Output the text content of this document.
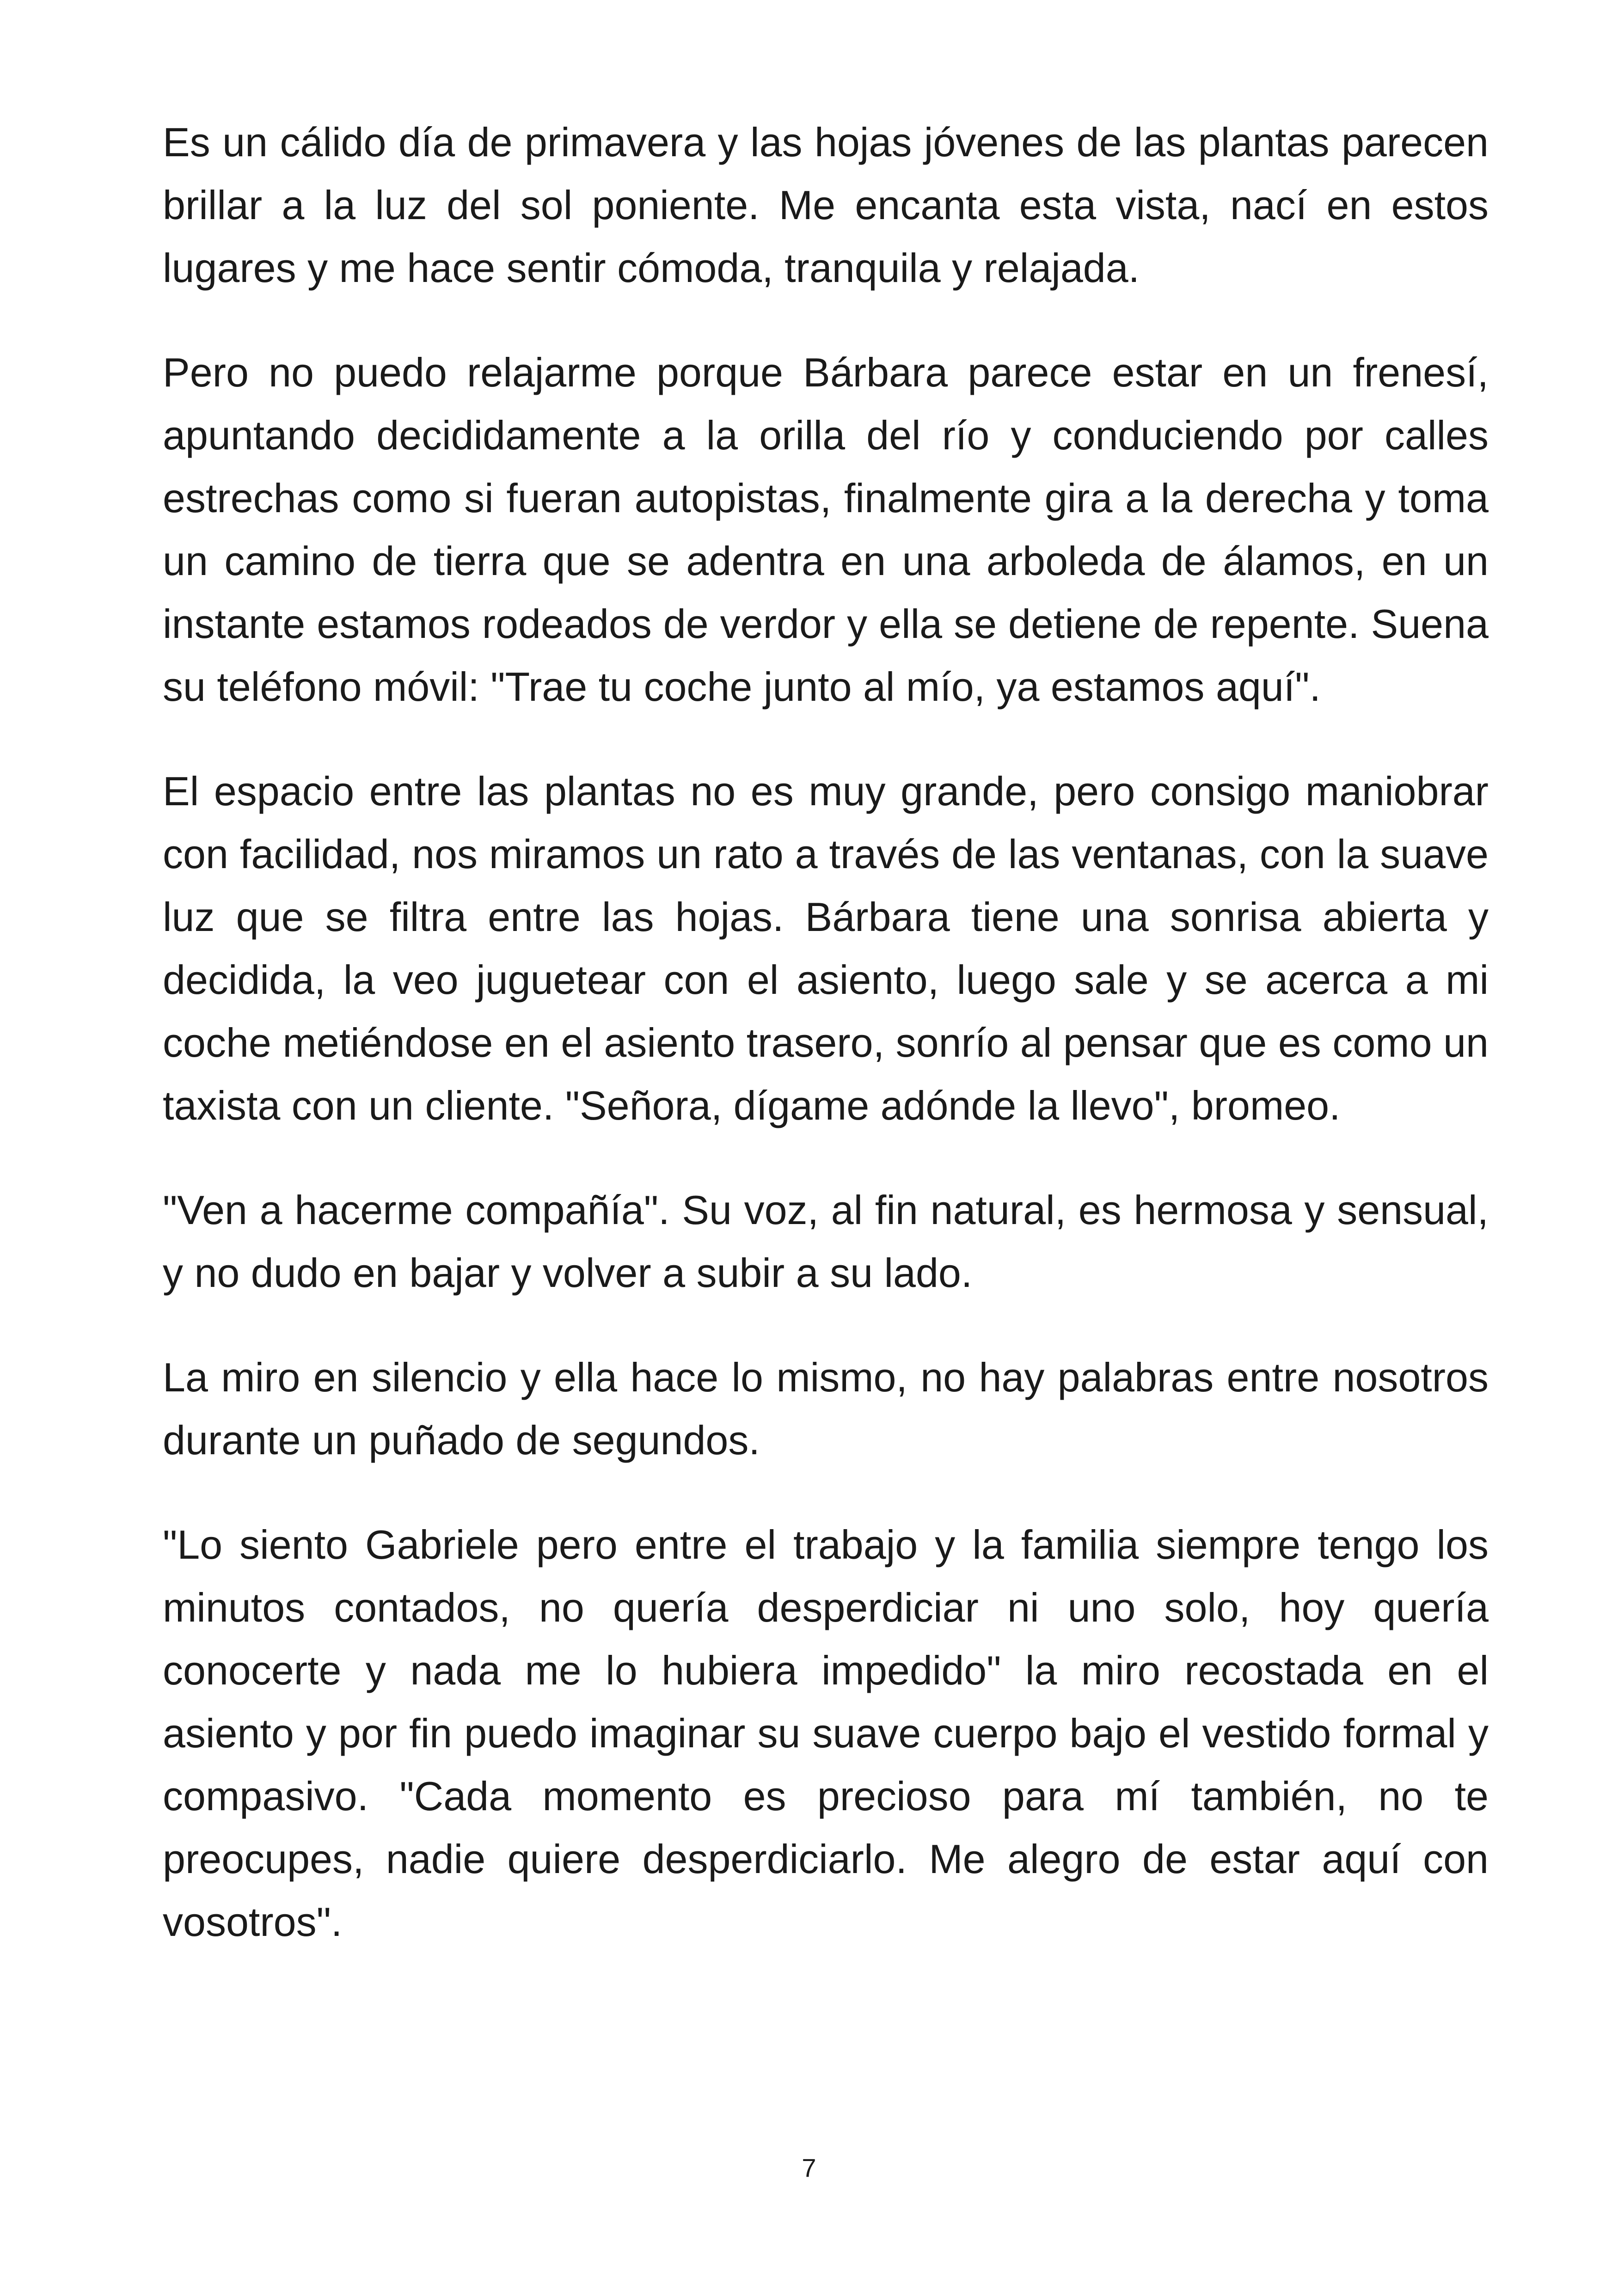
Es un cálido día de primavera y las hojas jóvenes de las plantas parecen brillar a la luz del sol poniente. Me encanta esta vista, nací en estos lugares y me hace sentir cómoda, tranquila y relajada.

Pero no puedo relajarme porque Bárbara parece estar en un frenesí, apuntando decididamente a la orilla del río y conduciendo por calles estrechas como si fueran autopistas, finalmente gira a la derecha y toma un camino de tierra que se adentra en una arboleda de álamos, en un instante estamos rodeados de verdor y ella se detiene de repente. Suena su teléfono móvil: "Trae tu coche junto al mío, ya estamos aquí".

El espacio entre las plantas no es muy grande, pero consigo maniobrar con facilidad, nos miramos un rato a través de las ventanas, con la suave luz que se filtra entre las hojas. Bárbara tiene una sonrisa abierta y decidida, la veo juguetear con el asiento, luego sale y se acerca a mi coche metiéndose en el asiento trasero, sonrío al pensar que es como un taxista con un cliente. "Señora, dígame adónde la llevo", bromeo.

"Ven a hacerme compañía". Su voz, al fin natural, es hermosa y sensual, y no dudo en bajar y volver a subir a su lado.

La miro en silencio y ella hace lo mismo, no hay palabras entre nosotros durante un puñado de segundos.

"Lo siento Gabriele pero entre el trabajo y la familia siempre tengo los minutos contados, no quería desperdiciar ni uno solo, hoy quería conocerte y nada me lo hubiera impedido" la miro recostada en el asiento y por fin puedo imaginar su suave cuerpo bajo el vestido formal y compasivo. "Cada momento es precioso para mí también, no te preocupes, nadie quiere desperdiciarlo. Me alegro de estar aquí con vosotros".

7
